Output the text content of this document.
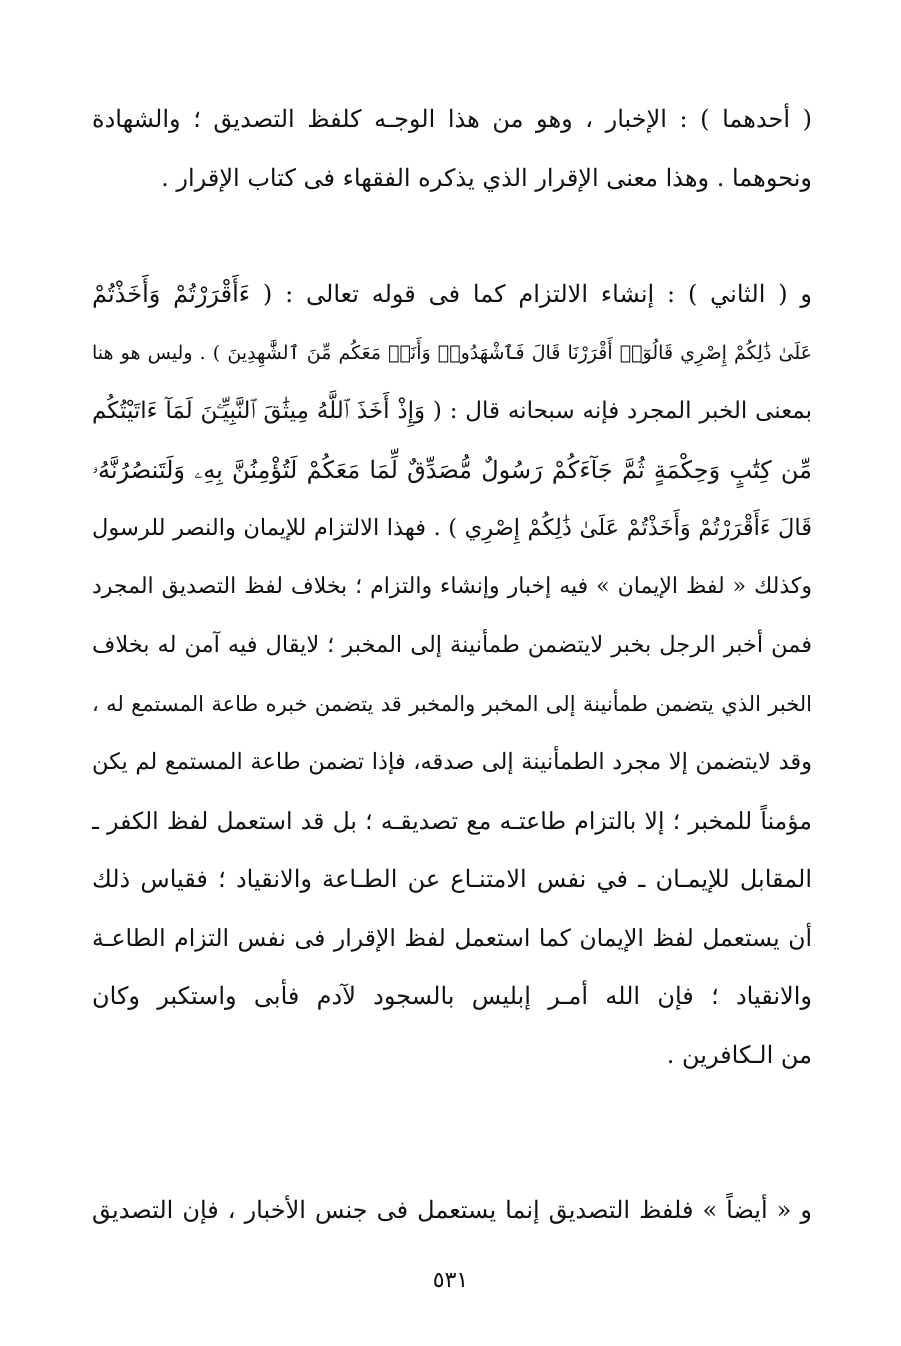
( أحدهما ) : الإخبار ، وهو من هذا الوجـه كلفظ التصديق ؛ والشهادة
ونحوهما . وهذا معنى الإقرار الذي يذكره الفقهاء فى كتاب الإقرار .
و ( الثاني ) : إنشاء الالتزام كما فى قوله تعالى : ( ءَأَقْرَرْتُمْ وَأَخَذْتُمْ
عَلَىٰ ذَٰلِكُمْ إِصْرِي قَالُوٓا۟ أَقْرَرْنَا قَالَ فَٱشْهَدُوا۟ وَأَنَا۠ مَعَكُم مِّنَ ٱلشَّٰهِدِينَ ) . وليس هو هنا
بمعنى الخبر المجرد فإنه سبحانه قال : ( وَإِذْ أَخَذَ ٱللَّهُ مِيثَٰقَ ٱلنَّبِيِّـۧنَ لَمَآ ءَاتَيْتُكُم
مِّن كِتَٰبٍ وَحِكْمَةٍ ثُمَّ جَآءَكُمْ رَسُولٌ مُّصَدِّقٌ لِّمَا مَعَكُمْ لَتُؤْمِنُنَّ بِهِۦ وَلَتَنصُرُنَّهُۥ
قَالَ ءَأَقْرَرْتُمْ وَأَخَذْتُمْ عَلَىٰ ذَٰلِكُمْ إِصْرِي ) . فهذا الالتزام للإيمان والنصر للرسول
وكذلك « لفظ الإيمان » فيه إخبار وإنشاء والتزام ؛ بخلاف لفظ التصديق المجرد
فمن أخبر الرجل بخبر لايتضمن طمأنينة إلى المخبر ؛ لايقال فيه آمن له بخلاف
الخبر الذي يتضمن طمأنينة إلى المخبر والمخبر قد يتضمن خبره طاعة المستمع له ،
وقد لايتضمن إلا مجرد الطمأنينة إلى صدقه، فإذا تضمن طاعة المستمع لم يكن
مؤمناً للمخبر ؛ إلا بالتزام طاعتـه مع تصديقـه ؛ بل قد استعمل لفظ الكفر ـ
المقابل للإيمـان ـ في نفس الامتنـاع عن الطـاعة والانقياد ؛ فقياس ذلك
أن يستعمل لفظ الإيمان كما استعمل لفظ الإقرار فى نفس التزام الطاعـة
والانقياد ؛ فإن الله أمـر إبليس بالسجود لآدم فأبى واستكبر وكان
من الـكافرين .
و « أيضاً » فلفظ التصديق إنما يستعمل فى جنس الأخبار ، فإن التصديق
٥٣١
